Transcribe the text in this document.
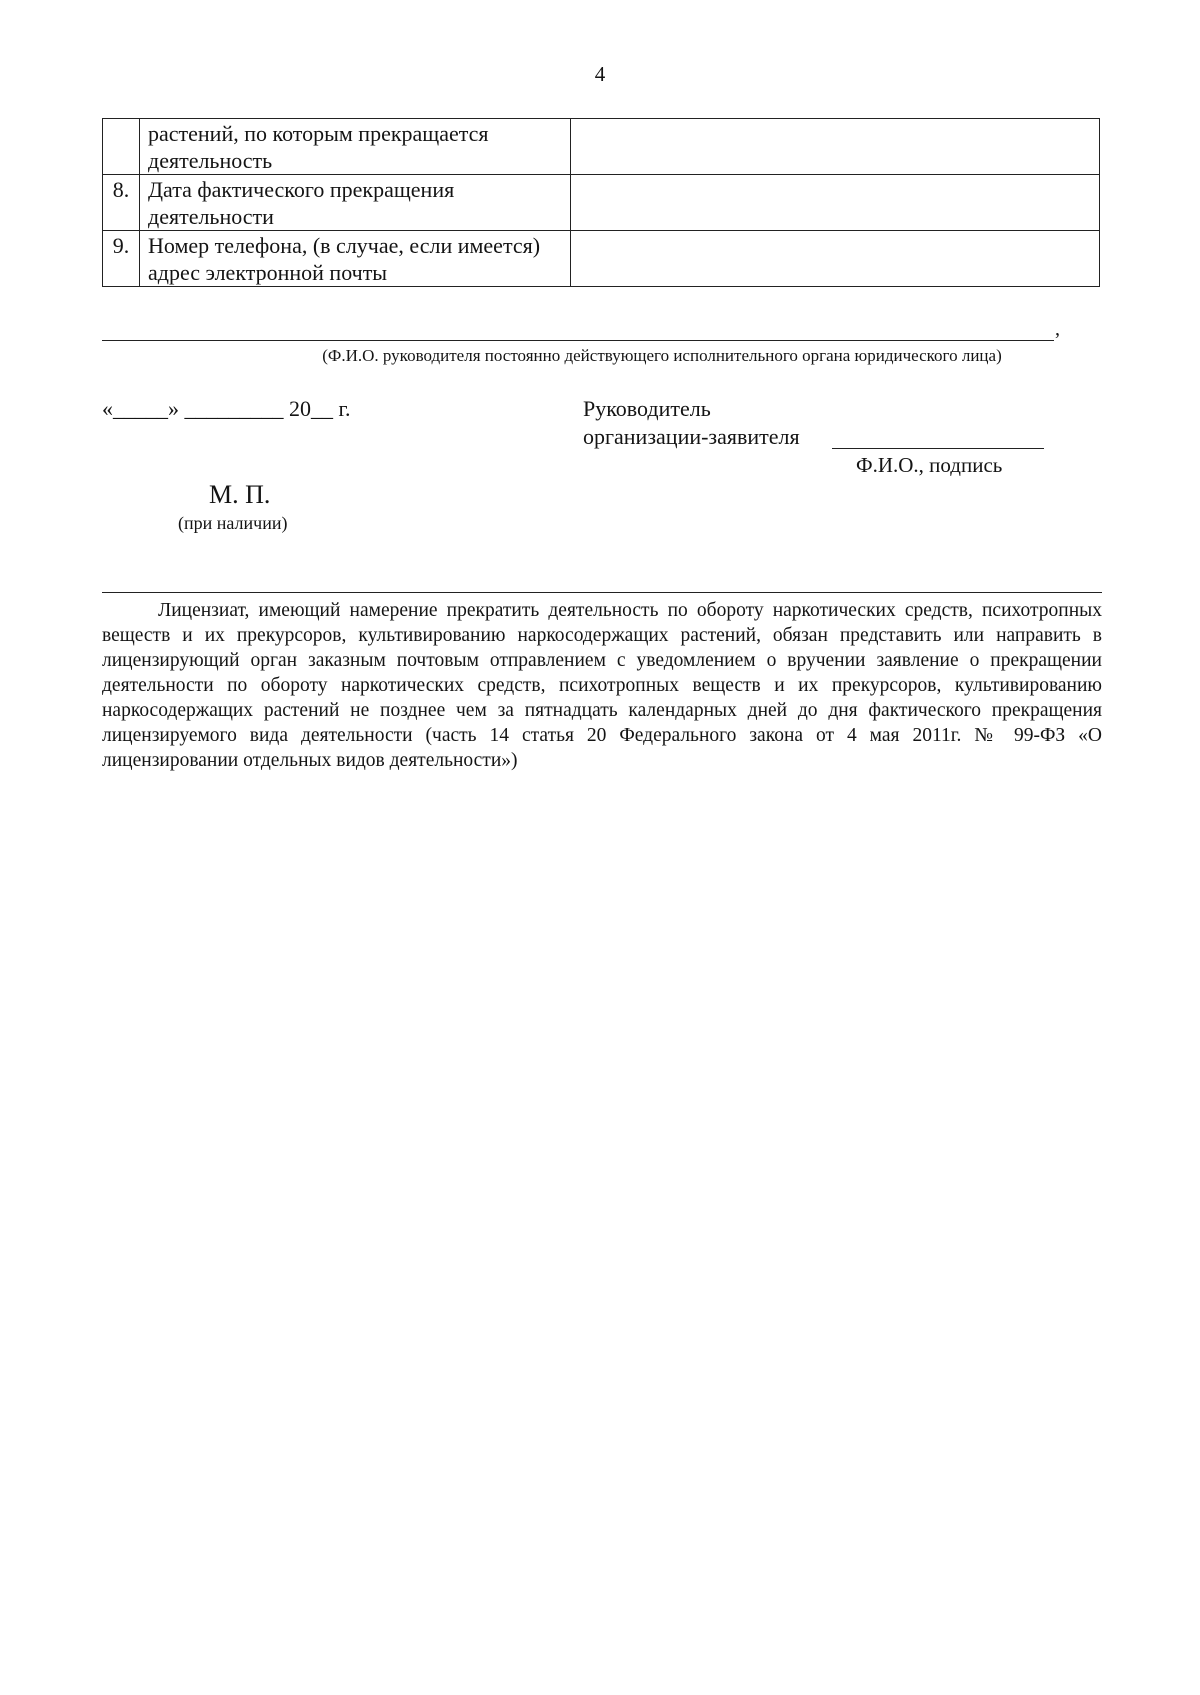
4
	растений, по которым прекращается деятельность	
8.	Дата фактического прекращения деятельности	
9.	Номер телефона, (в случае, если имеется) адрес электронной почты	
,
(Ф.И.О. руководителя постоянно действующего исполнительного органа юридического лица)
«_____» _________ 20__ г.	Руководитель
организации-заявителя
Ф.И.О., подпись
М. П.
(при наличии)
Лицензиат, имеющий намерение прекратить деятельность по обороту наркотических средств, психотропных веществ и их прекурсоров, культивированию наркосодержащих растений, обязан представить или направить в лицензирующий орган заказным почтовым отправлением с уведомлением о вручении заявление о прекращении деятельности по обороту наркотических средств, психотропных веществ и их прекурсоров, культивированию наркосодержащих растений не позднее чем за пятнадцать календарных дней до дня фактического прекращения лицензируемого вида деятельности (часть 14 статья 20 Федерального закона от 4 мая 2011г. № 99-ФЗ «О лицензировании отдельных видов деятельности»)
